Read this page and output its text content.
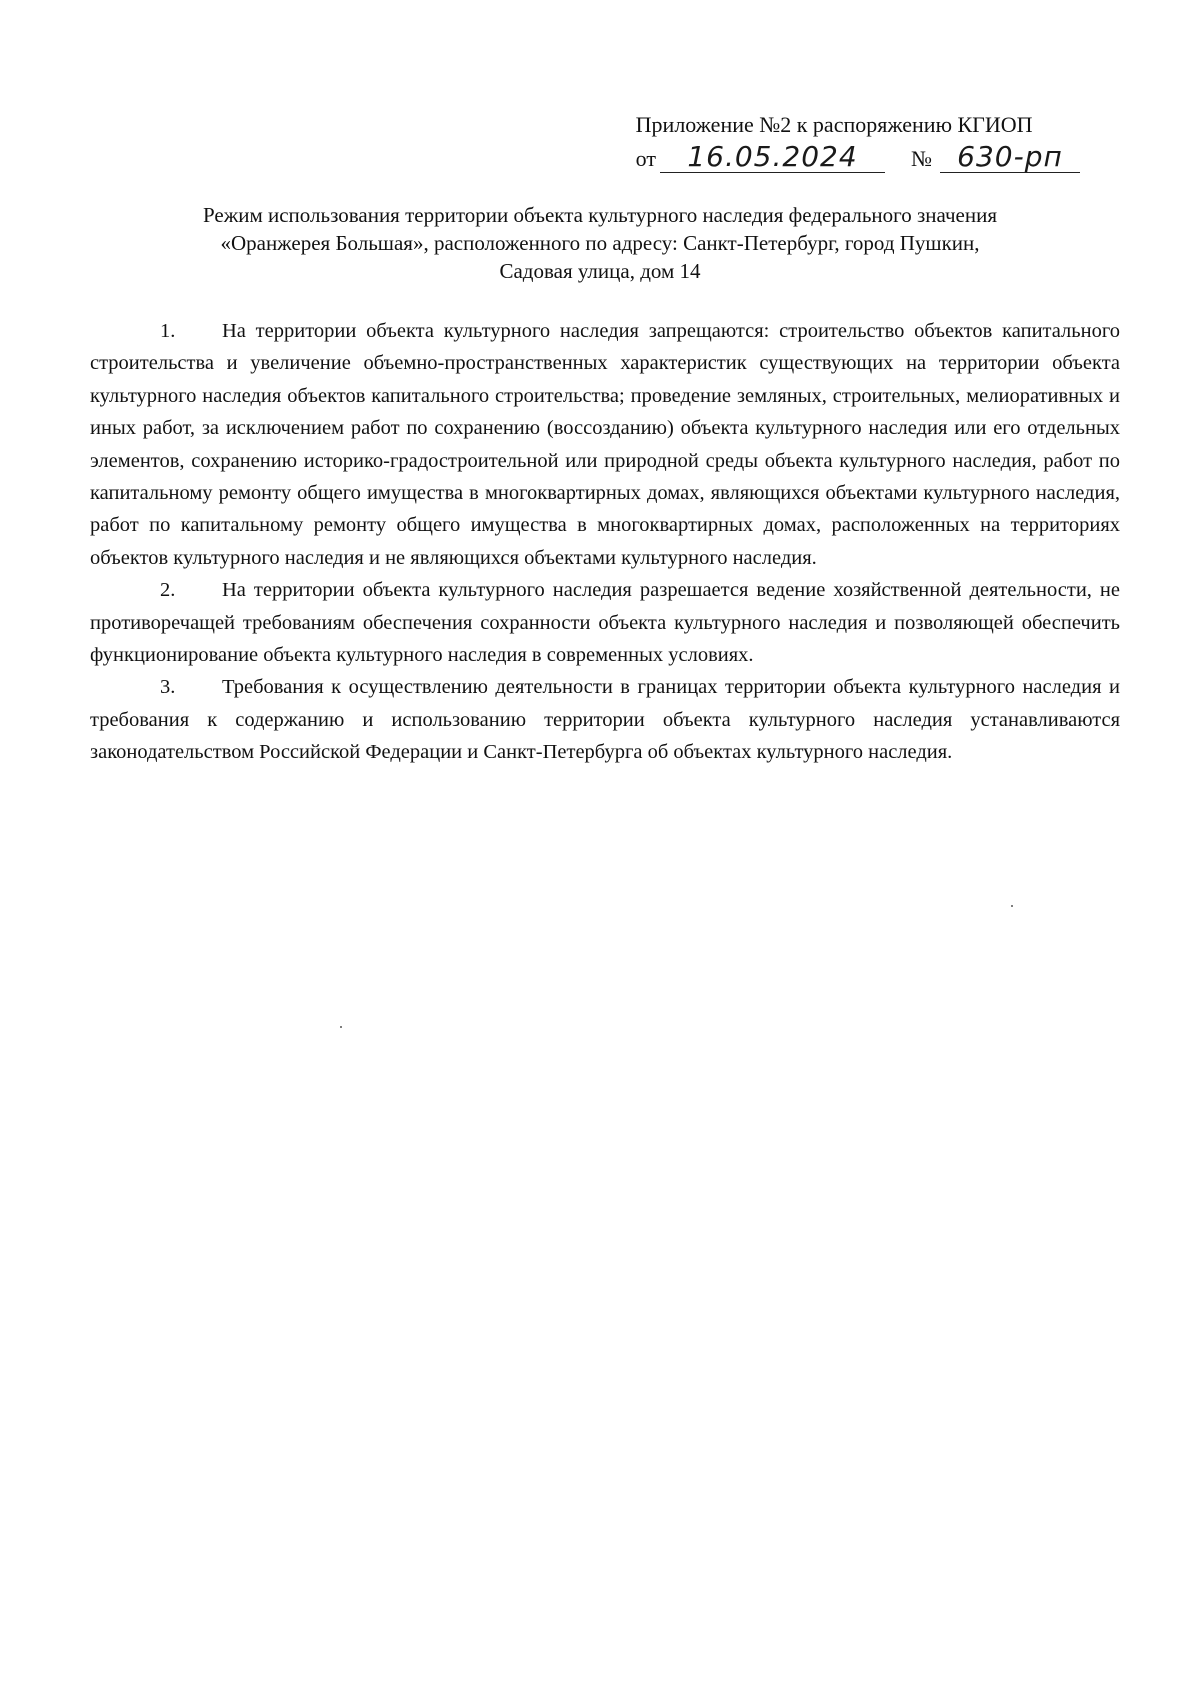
Приложение №2 к распоряжению КГИОП
от	16.05.2024	№ 630-рп
Режим использования территории объекта культурного наследия федерального значения
«Оранжерея Большая», расположенного по адресу: Санкт-Петербург, город Пушкин,
Садовая улица, дом 14

1. На территории объекта культурного наследия запрещаются: строительство объектов капитального строительства и увеличение объемно-пространственных характеристик существующих на территории объекта культурного наследия объектов капитального строительства; проведение земляных, строительных, мелиоративных и иных работ, за исключением работ по сохранению (воссозданию) объекта культурного наследия или его отдельных элементов, сохранению историко-градостроительной или природной среды объекта культурного наследия, работ по капитальному ремонту общего имущества в многоквартирных домах, являющихся объектами культурного наследия, работ по капитальному ремонту общего имущества в многоквартирных домах, расположенных на территориях объектов культурного наследия и не являющихся объектами культурного наследия.

2. На территории объекта культурного наследия разрешается ведение хозяйственной деятельности, не противоречащей требованиям обеспечения сохранности объекта культурного наследия и позволяющей обеспечить функционирование объекта культурного наследия в современных условиях.

3. Требования к осуществлению деятельности в границах территории объекта культурного наследия и требования к содержанию и использованию территории объекта культурного наследия устанавливаются законодательством Российской Федерации и Санкт-Петербурга об объектах культурного наследия.
